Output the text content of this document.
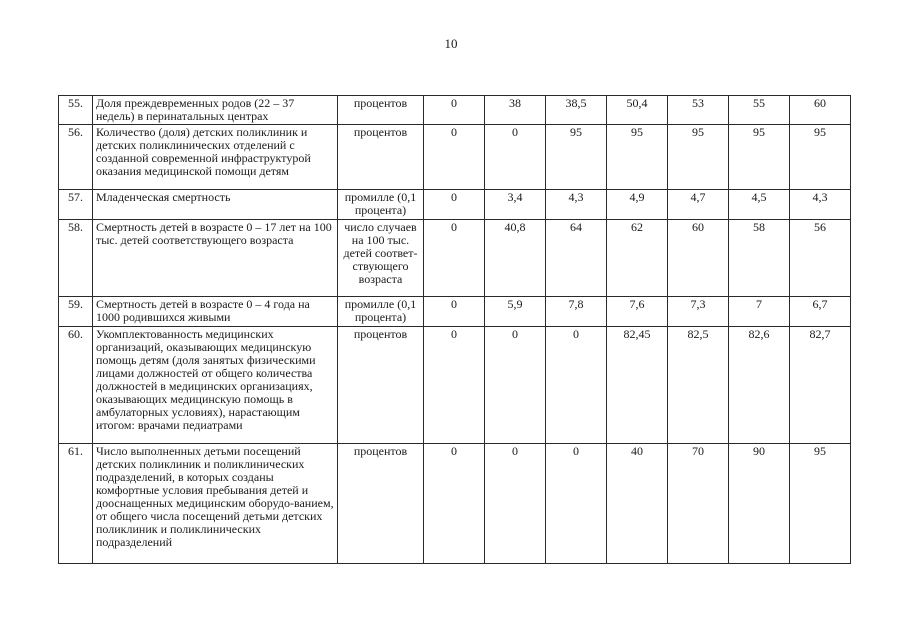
10
55.	Доля преждевременных родов (22 – 37 недель) в перинатальных центрах	процентов	0	38	38,5	50,4	53	55	60
56.	Количество (доля) детских поликлиник и детских поликлинических отделений с созданной современной инфраструктурой оказания медицинской помощи детям	процентов	0	0	95	95	95	95	95
57.	Младенческая смертность	промилле (0,1 процента)	0	3,4	4,3	4,9	4,7	4,5	4,3
58.	Смертность детей в возрасте 0 – 17 лет на 100 тыс. детей соответствующего возраста	число случаев на 100 тыс. детей соответ-ствующего возраста	0	40,8	64	62	60	58	56
59.	Смертность детей в возрасте 0 – 4 года на 1000 родившихся живыми	промилле (0,1 процента)	0	5,9	7,8	7,6	7,3	7	6,7
60.	Укомплектованность медицинских организаций, оказывающих медицинскую помощь детям (доля занятых физическими лицами должностей от общего количества должностей в медицинских организациях, оказывающих медицинскую помощь в амбулаторных условиях), нарастающим итогом: врачами педиатрами	процентов	0	0	0	82,45	82,5	82,6	82,7
61.	Число выполненных детьми посещений детских поликлиник и поликлинических подразделений, в которых созданы комфортные условия пребывания детей и дооснащенных медицинским оборудо-ванием, от общего числа посещений детьми детских поликлиник и поликлинических подразделений	процентов	0	0	0	40	70	90	95
